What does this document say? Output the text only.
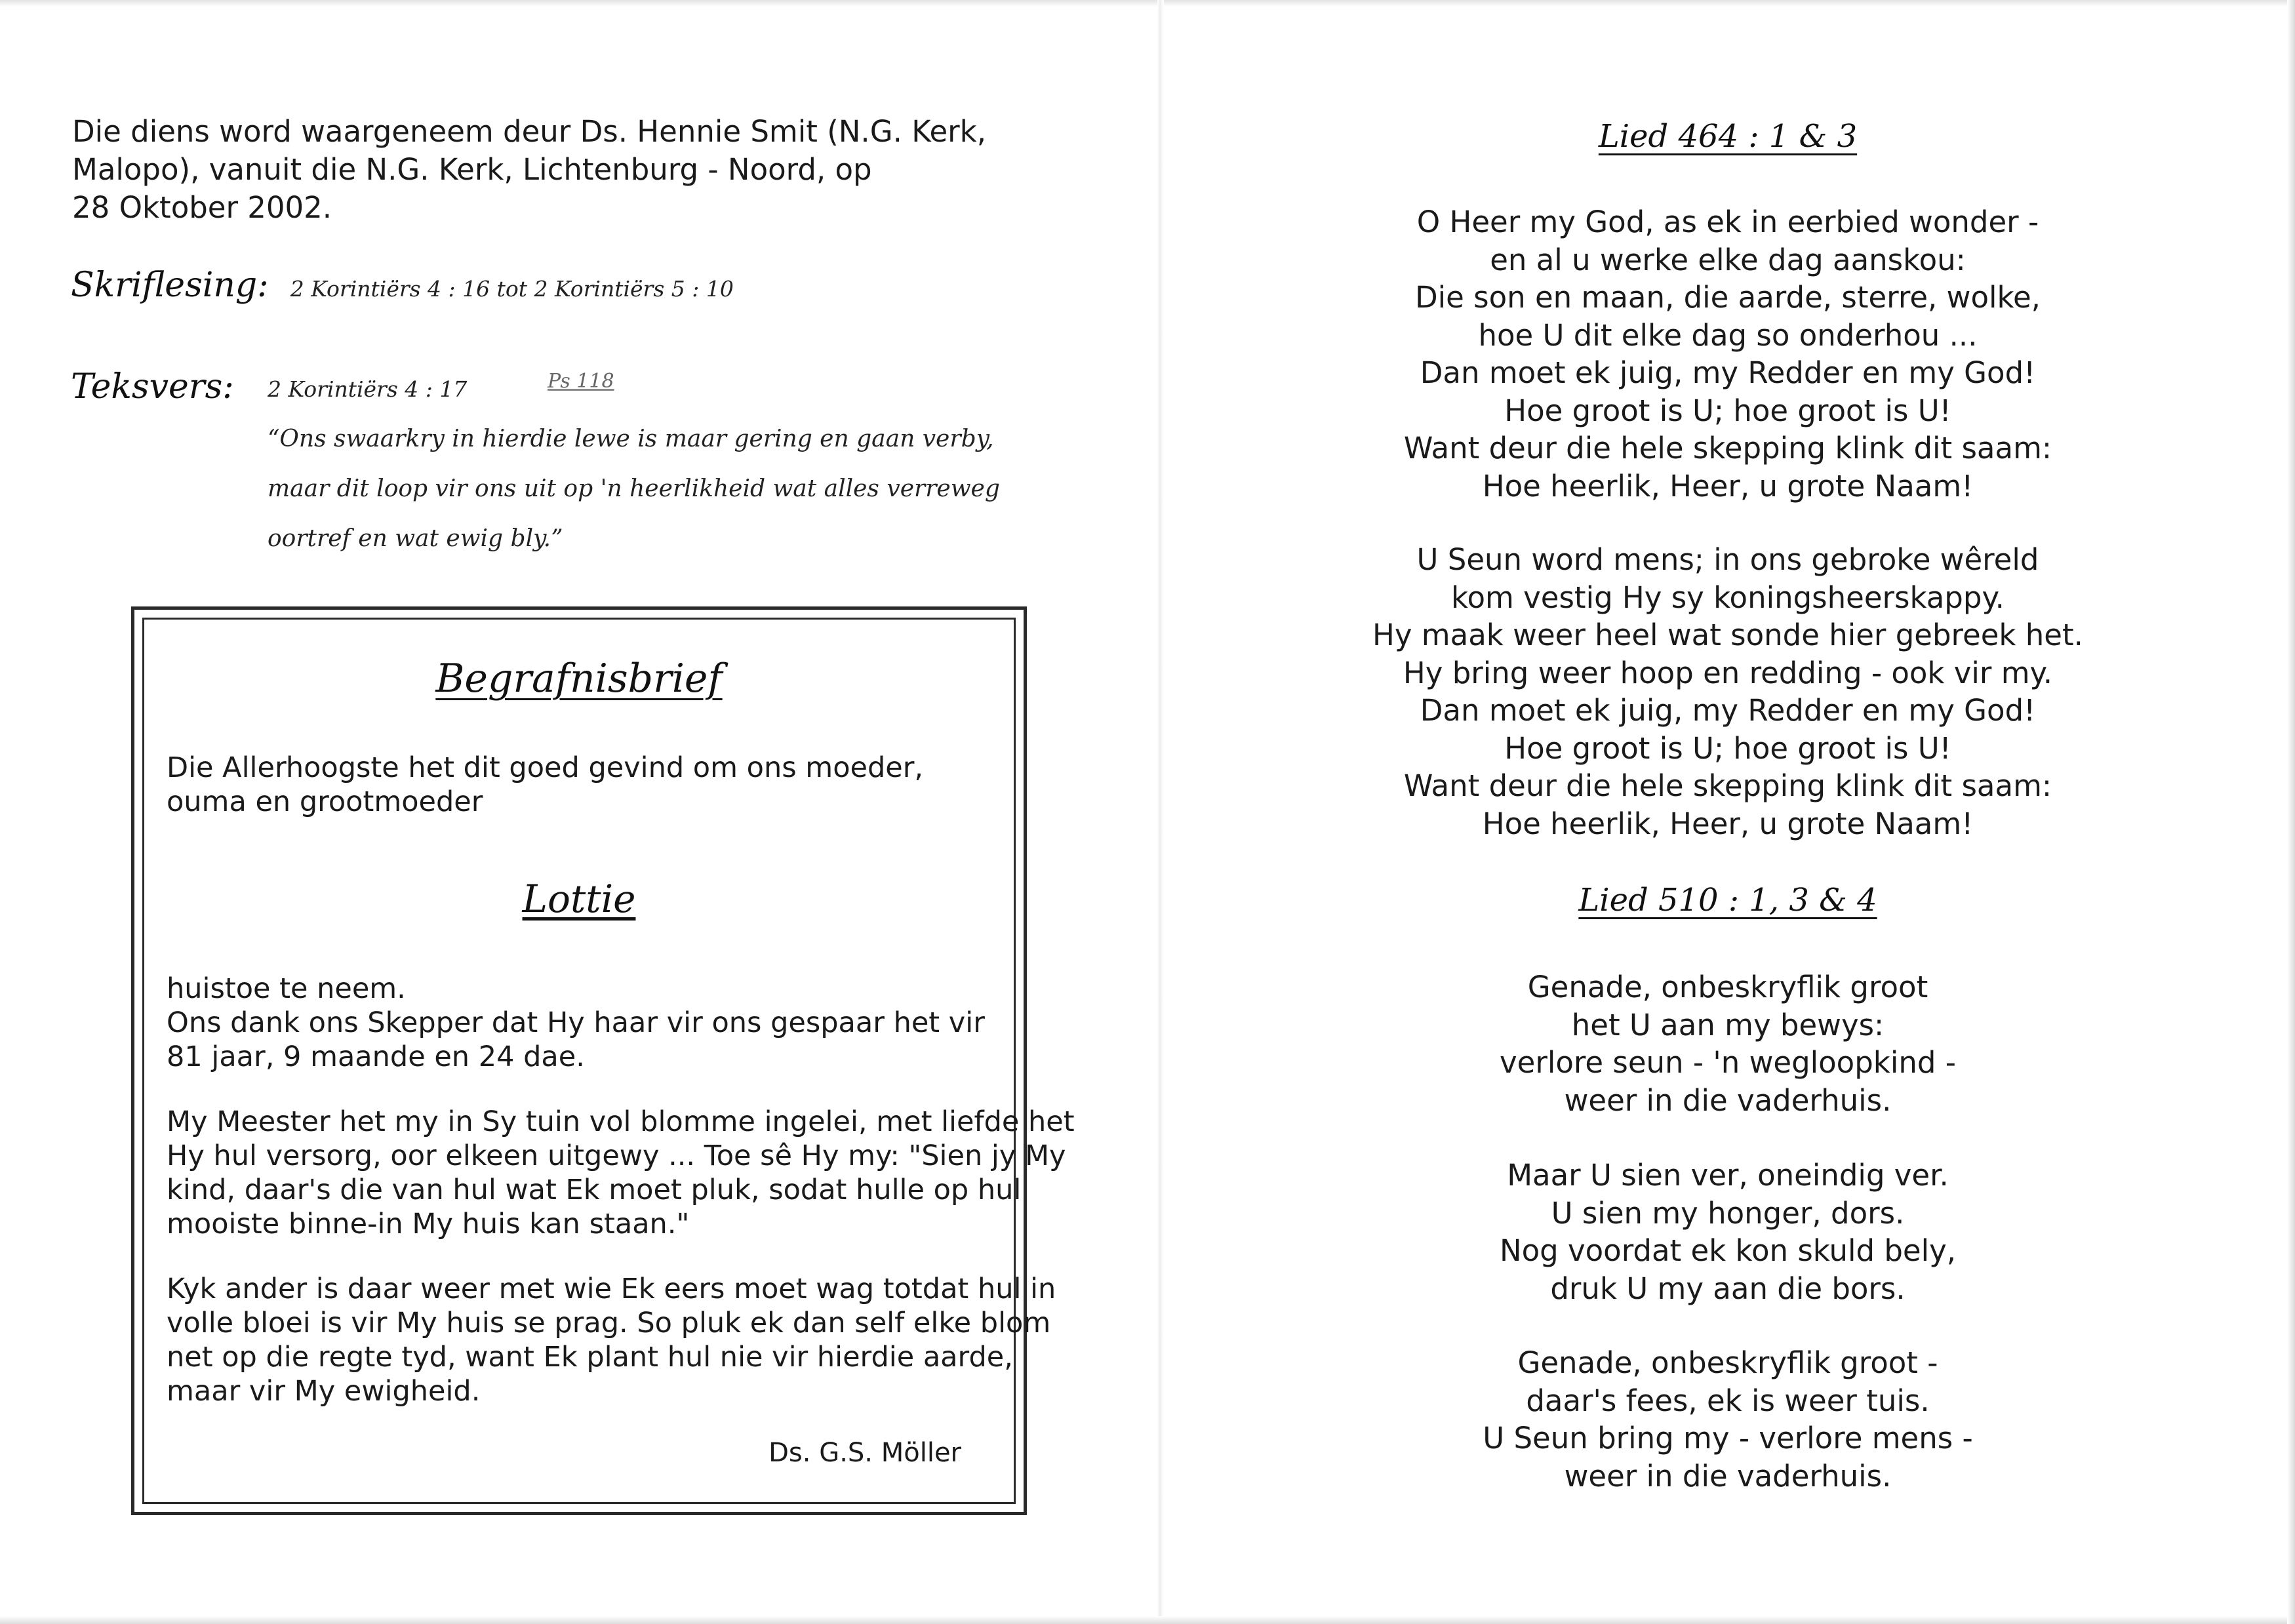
Die diens word waargeneem deur Ds. Hennie Smit (N.G. Kerk,
Malopo), vanuit die N.G. Kerk, Lichtenburg - Noord, op
28 Oktober 2002.
Skriflesing: 2 Korintiërs 4 : 16 tot 2 Korintiërs 5 : 10
Teksvers: 2 Korintiërs 4 : 17	Ps 118
“Ons swaarkry in hierdie lewe is maar gering en gaan verby,
maar dit loop vir ons uit op 'n heerlikheid wat alles verreweg
oortref en wat ewig bly.”
Begrafnisbrief
Die Allerhoogste het dit goed gevind om ons moeder,
ouma en grootmoeder
Lottie
huistoe te neem.
Ons dank ons Skepper dat Hy haar vir ons gespaar het vir
81 jaar, 9 maande en 24 dae.
My Meester het my in Sy tuin vol blomme ingelei, met liefde het
Hy hul versorg, oor elkeen uitgewy ... Toe sê Hy my: "Sien jy My
kind, daar's die van hul wat Ek moet pluk, sodat hulle op hul
mooiste binne-in My huis kan staan."
Kyk ander is daar weer met wie Ek eers moet wag totdat hul in
volle bloei is vir My huis se prag. So pluk ek dan self elke blom
net op die regte tyd, want Ek plant hul nie vir hierdie aarde,
maar vir My ewigheid.
Ds. G.S. Möller
Lied 464 : 1 & 3
O Heer my God, as ek in eerbied wonder -
en al u werke elke dag aanskou:
Die son en maan, die aarde, sterre, wolke,
hoe U dit elke dag so onderhou ...
Dan moet ek juig, my Redder en my God!
Hoe groot is U; hoe groot is U!
Want deur die hele skepping klink dit saam:
Hoe heerlik, Heer, u grote Naam!
U Seun word mens; in ons gebroke wêreld
kom vestig Hy sy koningsheerskappy.
Hy maak weer heel wat sonde hier gebreek het.
Hy bring weer hoop en redding - ook vir my.
Dan moet ek juig, my Redder en my God!
Hoe groot is U; hoe groot is U!
Want deur die hele skepping klink dit saam:
Hoe heerlik, Heer, u grote Naam!
Lied 510 : 1, 3 & 4
Genade, onbeskryflik groot
het U aan my bewys:
verlore seun - 'n wegloopkind -
weer in die vaderhuis.
Maar U sien ver, oneindig ver.
U sien my honger, dors.
Nog voordat ek kon skuld bely,
druk U my aan die bors.
Genade, onbeskryflik groot -
daar's fees, ek is weer tuis.
U Seun bring my - verlore mens -
weer in die vaderhuis.
